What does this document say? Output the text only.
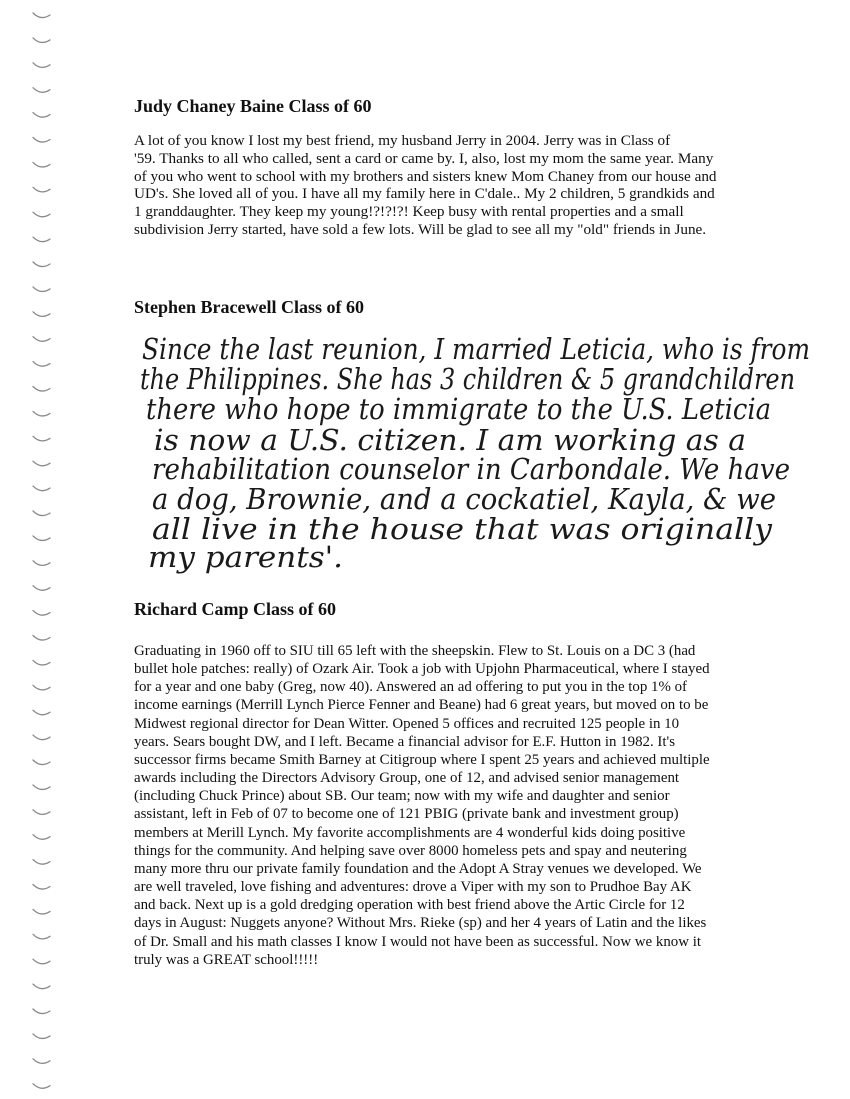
Judy Chaney Baine Class of 60

A lot of you know I lost my best friend, my husband Jerry in 2004. Jerry was in Class of
'59. Thanks to all who called, sent a card or came by. I, also, lost my mom the same year. Many
of you who went to school with my brothers and sisters knew Mom Chaney from our house and
UD's. She loved all of you. I have all my family here in C'dale.. My 2 children, 5 grandkids and
1 granddaughter. They keep my young!?!?!?! Keep busy with rental properties and a small
subdivision Jerry started, have sold a few lots. Will be glad to see all my "old" friends in June.

Stephen Bracewell Class of 60
Since the last reunion, I married Leticia, who is from
the Philippines. She has 3 children & 5 grandchildren
there who hope to immigrate to the U.S. Leticia
is now a U.S. citizen. I am working as a
rehabilitation counselor in Carbondale. We have
a dog, Brownie, and a cockatiel, Kayla, & we
all live in the house that was originally
my parents'.
Richard Camp Class of 60

Graduating in 1960 off to SIU till 65 left with the sheepskin. Flew to St. Louis on a DC 3 (had
bullet hole patches: really) of Ozark Air. Took a job with Upjohn Pharmaceutical, where I stayed
for a year and one baby (Greg, now 40). Answered an ad offering to put you in the top 1% of
income earnings (Merrill Lynch Pierce Fenner and Beane) had 6 great years, but moved on to be
Midwest regional director for Dean Witter. Opened 5 offices and recruited 125 people in 10
years. Sears bought DW, and I left. Became a financial advisor for E.F. Hutton in 1982. It's
successor firms became Smith Barney at Citigroup where I spent 25 years and achieved multiple
awards including the Directors Advisory Group, one of 12, and advised senior management
(including Chuck Prince) about SB. Our team; now with my wife and daughter and senior
assistant, left in Feb of 07 to become one of 121 PBIG (private bank and investment group)
members at Merill Lynch. My favorite accomplishments are 4 wonderful kids doing positive
things for the community. And helping save over 8000 homeless pets and spay and neutering
many more thru our private family foundation and the Adopt A Stray venues we developed. We
are well traveled, love fishing and adventures: drove a Viper with my son to Prudhoe Bay AK
and back. Next up is a gold dredging operation with best friend above the Artic Circle for 12
days in August: Nuggets anyone? Without Mrs. Rieke (sp) and her 4 years of Latin and the likes
of Dr. Small and his math classes I know I would not have been as successful. Now we know it
truly was a GREAT school!!!!!
